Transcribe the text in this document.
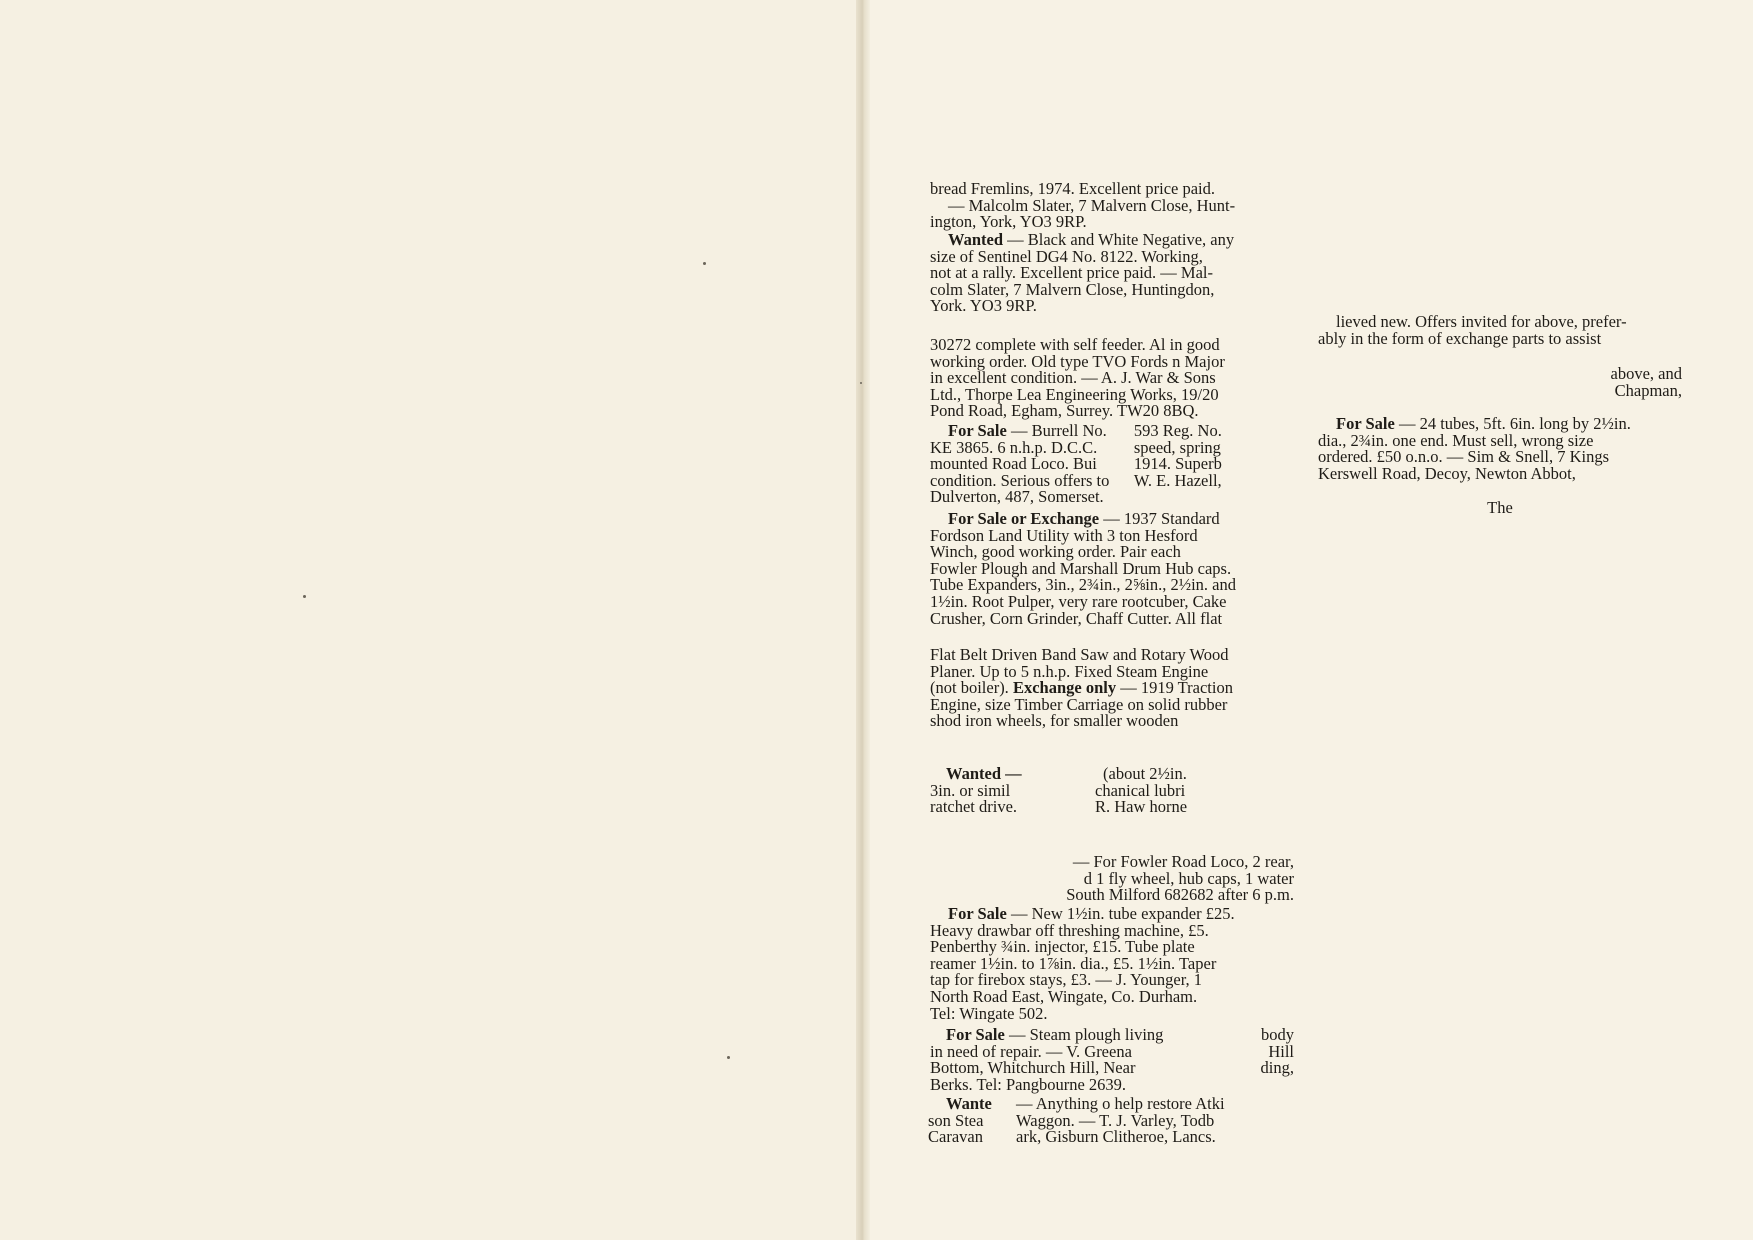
bread Fremlins, 1974. Excellent price paid.

— Malcolm Slater, 7 Malvern Close, Hunt-

ington, York, YO3 9RP.

Wanted — Black and White Negative, any

size of Sentinel DG4 No. 8122. Working,

not at a rally. Excellent price paid. — Mal-

colm Slater, 7 Malvern Close, Huntingdon,

York. YO3 9RP.

30272 complete with self feeder. Al in good

working order. Old type TVO Fords n Major

in excellent condition. — A. J. War & Sons

Ltd., Thorpe Lea Engineering Works, 19/20

Pond Road, Egham, Surrey. TW20 8BQ.

For Sale — Burrell No.	593 Reg. No.
KE 3865. 6 n.h.p. D.C.C.	speed, spring
mounted Road Loco. Bui	1914. Superb
condition. Serious offers to	W. E. Hazell,

Dulverton, 487, Somerset.

For Sale or Exchange — 1937 Standard

Fordson Land Utility with 3 ton Hesford

Winch, good working order. Pair each

Fowler Plough and Marshall Drum Hub caps.

Tube Expanders, 3in., 2¾in., 2⅝in., 2½in. and

1½in. Root Pulper, very rare rootcuber, Cake

Crusher, Corn Grinder, Chaff Cutter. All flat

Flat Belt Driven Band Saw and Rotary Wood

Planer. Up to 5 n.h.p. Fixed Steam Engine

(not boiler). Exchange only — 1919 Traction

Engine, size Timber Carriage on solid rubber

shod iron wheels, for smaller wooden

Wanted —

3in. or simil

ratchet drive.

(about 2½in.

chanical lubri

R. Haw horne

— For Fowler Road Loco, 2 rear,

d 1 fly wheel, hub caps, 1 water

South Milford 682682 after 6 p.m.

For Sale — New 1½in. tube expander £25.

Heavy drawbar off threshing machine, £5.

Penberthy ¾in. injector, £15. Tube plate

reamer 1½in. to 1⅞in. dia., £5. 1½in. Taper

tap for firebox stays, £3. — J. Younger, 1

North Road East, Wingate, Co. Durham.

Tel: Wingate 502.

For Sale — Steam plough living	body
in need of repair. — V. Greena	Hill
Bottom, Whitchurch Hill, Near	ding,

Berks. Tel: Pangbourne 2639.

Wante	— Anything o help restore Atki
son Stea	Waggon. — T. J. Varley, Todb
Caravan	ark, Gisburn Clitheroe, Lancs.

lieved new. Offers invited for above, prefer-

ably in the form of exchange parts to assist

above, and

Chapman,

For Sale — 24 tubes, 5ft. 6in. long by 2½in.

dia., 2¾in. one end. Must sell, wrong size

ordered. £50 o.n.o. — Sim & Snell, 7 Kings

Kerswell Road, Decoy, Newton Abbot,

The
